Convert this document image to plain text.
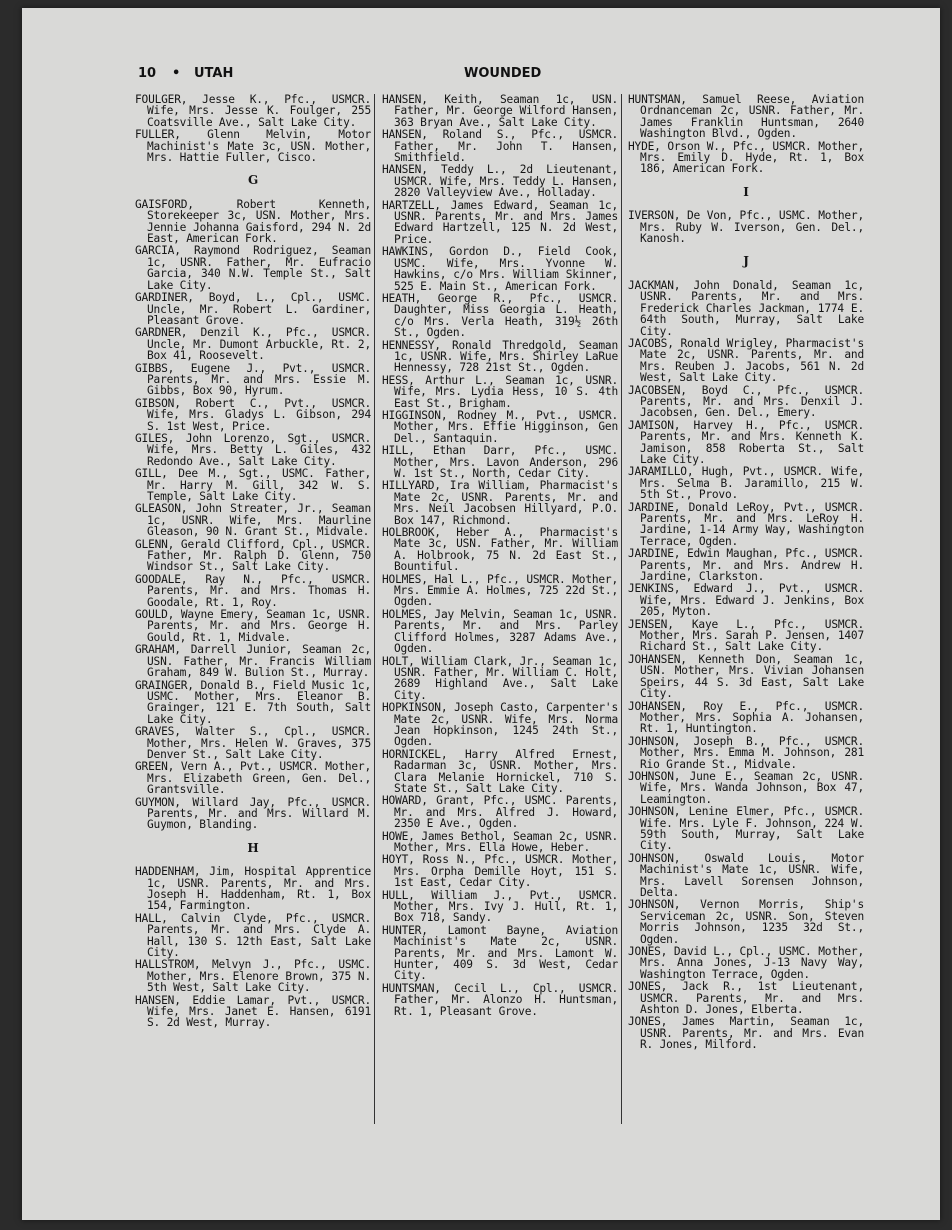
10 • UTAH	WOUNDED
FOULGER, Jesse K., Pfc., USMCR. Wife, Mrs. Jesse K. Foulger, 255 Coatsville Ave., Salt Lake City.
FULLER, Glenn Melvin, Motor Machinist's Mate 3c, USN. Mother, Mrs. Hattie Fuller, Cisco.
G
GAISFORD, Robert Kenneth, Storekeeper 3c, USN. Mother, Mrs. Jennie Johanna Gaisford, 294 N. 2d East, American Fork.
GARCIA, Raymond Rodriguez, Seaman 1c, USNR. Father, Mr. Eufracio Garcia, 340 N.W. Temple St., Salt Lake City.
GARDINER, Boyd, L., Cpl., USMC. Uncle, Mr. Robert L. Gardiner, Pleasant Grove.
GARDNER, Denzil K., Pfc., USMCR. Uncle, Mr. Dumont Arbuckle, Rt. 2, Box 41, Roosevelt.
GIBBS, Eugene J., Pvt., USMCR. Parents, Mr. and Mrs. Essie M. Gibbs, Box 90, Hyrum.
GIBSON, Robert C., Pvt., USMCR. Wife, Mrs. Gladys L. Gibson, 294 S. 1st West, Price.
GILES, John Lorenzo, Sgt., USMCR. Wife, Mrs. Betty L. Giles, 432 Redondo Ave., Salt Lake City.
GILL, Dee M., Sgt., USMC. Father, Mr. Harry M. Gill, 342 W. S. Temple, Salt Lake City.
GLEASON, John Streater, Jr., Seaman 1c, USNR. Wife, Mrs. Maurline Gleason, 90 N. Grant St., Midvale.
GLENN, Gerald Clifford, Cpl., USMCR. Father, Mr. Ralph D. Glenn, 750 Windsor St., Salt Lake City.
GOODALE, Ray N., Pfc., USMCR. Parents, Mr. and Mrs. Thomas H. Goodale, Rt. 1, Roy.
GOULD, Wayne Emery, Seaman 1c, USNR. Parents, Mr. and Mrs. George H. Gould, Rt. 1, Midvale.
GRAHAM, Darrell Junior, Seaman 2c, USN. Father, Mr. Francis William Graham, 849 W. Bulion St., Murray.
GRAINGER, Donald B., Field Music 1c, USMC. Mother, Mrs. Eleanor B. Grainger, 121 E. 7th South, Salt Lake City.
GRAVES, Walter S., Cpl., USMCR. Mother, Mrs. Helen W. Graves, 375 Denver St., Salt Lake City.
GREEN, Vern A., Pvt., USMCR. Mother, Mrs. Elizabeth Green, Gen. Del., Grantsville.
GUYMON, Willard Jay, Pfc., USMCR. Parents, Mr. and Mrs. Willard M. Guymon, Blanding.
H
HADDENHAM, Jim, Hospital Apprentice 1c, USNR. Parents, Mr. and Mrs. Joseph H. Haddenham, Rt. 1, Box 154, Farmington.
HALL, Calvin Clyde, Pfc., USMCR. Parents, Mr. and Mrs. Clyde A. Hall, 130 S. 12th East, Salt Lake City.
HALLSTROM, Melvyn J., Pfc., USMC. Mother, Mrs. Elenore Brown, 375 N. 5th West, Salt Lake City.
HANSEN, Eddie Lamar, Pvt., USMCR. Wife, Mrs. Janet E. Hansen, 6191 S. 2d West, Murray.
HANSEN, Keith, Seaman 1c, USN. Father, Mr. George Wilford Hansen, 363 Bryan Ave., Salt Lake City.
HANSEN, Roland S., Pfc., USMCR. Father, Mr. John T. Hansen, Smithfield.
HANSEN, Teddy L., 2d Lieutenant, USMCR. Wife, Mrs. Teddy L. Hansen, 2820 Valleyview Ave., Holladay.
HARTZELL, James Edward, Seaman 1c, USNR. Parents, Mr. and Mrs. James Edward Hartzell, 125 N. 2d West, Price.
HAWKINS, Gordon D., Field Cook, USMC. Wife, Mrs. Yvonne W. Hawkins, c/o Mrs. William Skinner, 525 E. Main St., American Fork.
HEATH, George R., Pfc., USMCR. Daughter, Miss Georgia L. Heath, c/o Mrs. Verla Heath, 319½ 26th St., Ogden.
HENNESSY, Ronald Thredgold, Seaman 1c, USNR. Wife, Mrs. Shirley LaRue Hennessy, 728 21st St., Ogden.
HESS, Arthur L., Seaman 1c, USNR. Wife, Mrs. Lydia Hess, 10 S. 4th East St., Brigham.
HIGGINSON, Rodney M., Pvt., USMCR. Mother, Mrs. Effie Higginson, Gen Del., Santaquin.
HILL, Ethan Darr, Pfc., USMC. Mother, Mrs. Lavon Anderson, 296 W. 1st St., North, Cedar City.
HILLYARD, Ira William, Pharmacist's Mate 2c, USNR. Parents, Mr. and Mrs. Neil Jacobsen Hillyard, P.O. Box 147, Richmond.
HOLBROOK, Heber A., Pharmacist's Mate 3c, USN. Father, Mr. William A. Holbrook, 75 N. 2d East St., Bountiful.
HOLMES, Hal L., Pfc., USMCR. Mother, Mrs. Emmie A. Holmes, 725 22d St., Ogden.
HOLMES, Jay Melvin, Seaman 1c, USNR. Parents, Mr. and Mrs. Parley Clifford Holmes, 3287 Adams Ave., Ogden.
HOLT, William Clark, Jr., Seaman 1c, USNR. Father, Mr. William C. Holt, 2689 Highland Ave., Salt Lake City.
HOPKINSON, Joseph Casto, Carpenter's Mate 2c, USNR. Wife, Mrs. Norma Jean Hopkinson, 1245 24th St., Ogden.
HORNICKEL, Harry Alfred Ernest, Radarman 3c, USNR. Mother, Mrs. Clara Melanie Hornickel, 710 S. State St., Salt Lake City.
HOWARD, Grant, Pfc., USMC. Parents, Mr. and Mrs. Alfred J. Howard, 2350 E Ave., Ogden.
HOWE, James Bethol, Seaman 2c, USNR. Mother, Mrs. Ella Howe, Heber.
HOYT, Ross N., Pfc., USMCR. Mother, Mrs. Orpha Demille Hoyt, 151 S. 1st East, Cedar City.
HULL, William J., Pvt., USMCR. Mother, Mrs. Ivy J. Hull, Rt. 1, Box 718, Sandy.
HUNTER, Lamont Bayne, Aviation Machinist's Mate 2c, USNR. Parents, Mr. and Mrs. Lamont W. Hunter, 409 S. 3d West, Cedar City.
HUNTSMAN, Cecil L., Cpl., USMCR. Father, Mr. Alonzo H. Huntsman, Rt. 1, Pleasant Grove.
HUNTSMAN, Samuel Reese, Aviation Ordnanceman 2c, USNR. Father, Mr. James Franklin Huntsman, 2640 Washington Blvd., Ogden.
HYDE, Orson W., Pfc., USMCR. Mother, Mrs. Emily D. Hyde, Rt. 1, Box 186, American Fork.
I
IVERSON, De Von, Pfc., USMC. Mother, Mrs. Ruby W. Iverson, Gen. Del., Kanosh.
J
JACKMAN, John Donald, Seaman 1c, USNR. Parents, Mr. and Mrs. Frederick Charles Jackman, 1774 E. 64th South, Murray, Salt Lake City.
JACOBS, Ronald Wrigley, Pharmacist's Mate 2c, USNR. Parents, Mr. and Mrs. Reuben J. Jacobs, 561 N. 2d West, Salt Lake City.
JACOBSEN, Boyd C., Pfc., USMCR. Parents, Mr. and Mrs. Denxil J. Jacobsen, Gen. Del., Emery.
JAMISON, Harvey H., Pfc., USMCR. Parents, Mr. and Mrs. Kenneth K. Jamison, 858 Roberta St., Salt Lake City.
JARAMILLO, Hugh, Pvt., USMCR. Wife, Mrs. Selma B. Jaramillo, 215 W. 5th St., Provo.
JARDINE, Donald LeRoy, Pvt., USMCR. Parents, Mr. and Mrs. LeRoy H. Jardine, 1-14 Army Way, Washington Terrace, Ogden.
JARDINE, Edwin Maughan, Pfc., USMCR. Parents, Mr. and Mrs. Andrew H. Jardine, Clarkston.
JENKINS, Edward J., Pvt., USMCR. Wife, Mrs. Edward J. Jenkins, Box 205, Myton.
JENSEN, Kaye L., Pfc., USMCR. Mother, Mrs. Sarah P. Jensen, 1407 Richard St., Salt Lake City.
JOHANSEN, Kenneth Don, Seaman 1c, USN. Mother, Mrs. Vivian Johansen Speirs, 44 S. 3d East, Salt Lake City.
JOHANSEN, Roy E., Pfc., USMCR. Mother, Mrs. Sophia A. Johansen, Rt. 1, Huntington.
JOHNSON, Joseph B., Pfc., USMCR. Mother, Mrs. Emma M. Johnson, 281 Rio Grande St., Midvale.
JOHNSON, June E., Seaman 2c, USNR. Wife, Mrs. Wanda Johnson, Box 47, Leamington.
JOHNSON, Lenine Elmer, Pfc., USMCR. Wife. Mrs. Lyle F. Johnson, 224 W. 59th South, Murray, Salt Lake City.
JOHNSON, Oswald Louis, Motor Machinist's Mate 1c, USNR. Wife, Mrs. Lavell Sorensen Johnson, Delta.
JOHNSON, Vernon Morris, Ship's Serviceman 2c, USNR. Son, Steven Morris Johnson, 1235 32d St., Ogden.
JONES, David L., Cpl., USMC. Mother, Mrs. Anna Jones, J-13 Navy Way, Washington Terrace, Ogden.
JONES, Jack R., 1st Lieutenant, USMCR. Parents, Mr. and Mrs. Ashton D. Jones, Elberta.
JONES, James Martin, Seaman 1c, USNR. Parents, Mr. and Mrs. Evan R. Jones, Milford.
